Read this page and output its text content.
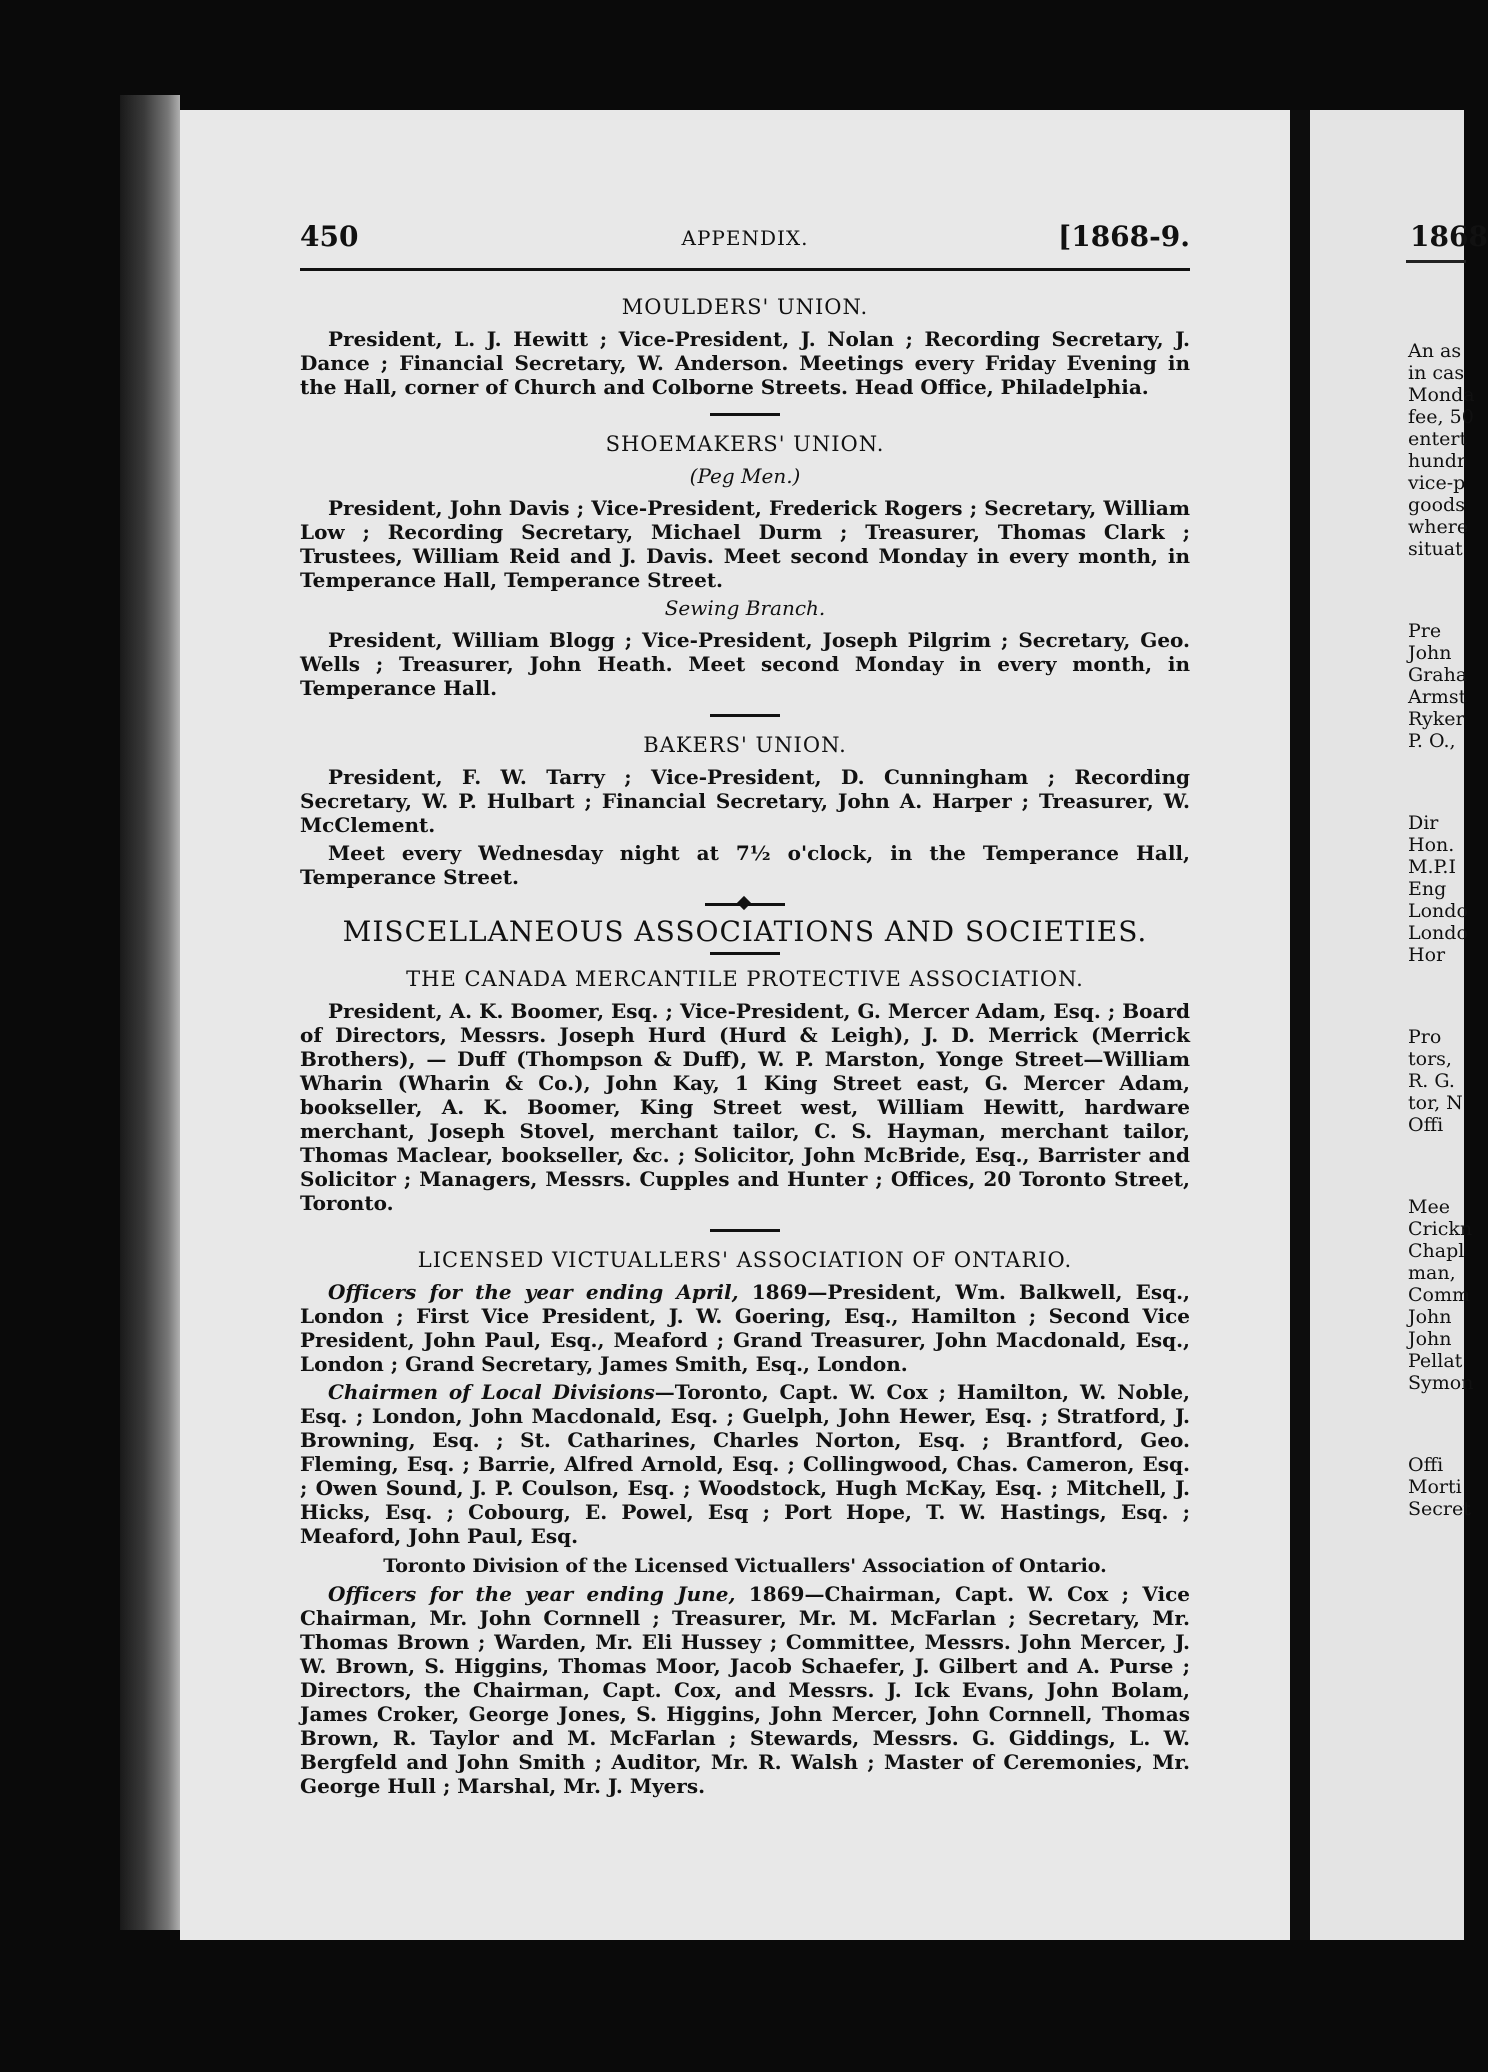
450	APPENDIX.	[1868-9.
MOULDERS' UNION.

President, L. J. Hewitt ; Vice-President, J. Nolan ; Recording Secretary, J. Dance ; Financial Secretary, W. Anderson. Meetings every Friday Evening in the Hall, corner of Church and Colborne Streets. Head Office, Philadelphia.

SHOEMAKERS' UNION.
(Peg Men.)

President, John Davis ; Vice-President, Frederick Rogers ; Secretary, William Low ; Recording Secretary, Michael Durm ; Treasurer, Thomas Clark ; Trustees, William Reid and J. Davis. Meet second Monday in every month, in Temperance Hall, Temperance Street.

Sewing Branch.

President, William Blogg ; Vice-President, Joseph Pilgrim ; Secretary, Geo. Wells ; Treasurer, John Heath. Meet second Monday in every month, in Temperance Hall.

BAKERS' UNION.

President, F. W. Tarry ; Vice-President, D. Cunningham ; Recording Secretary, W. P. Hulbart ; Financial Secretary, John A. Harper ; Treasurer, W. McClement.

Meet every Wednesday night at 7½ o'clock, in the Temperance Hall, Temperance Street.

MISCELLANEOUS ASSOCIATIONS AND SOCIETIES.
THE CANADA MERCANTILE PROTECTIVE ASSOCIATION.

President, A. K. Boomer, Esq. ; Vice-President, G. Mercer Adam, Esq. ; Board of Directors, Messrs. Joseph Hurd (Hurd & Leigh), J. D. Merrick (Merrick Brothers), — Duff (Thompson & Duff), W. P. Marston, Yonge Street—William Wharin (Wharin & Co.), John Kay, 1 King Street east, G. Mercer Adam, bookseller, A. K. Boomer, King Street west, William Hewitt, hardware merchant, Joseph Stovel, merchant tailor, C. S. Hayman, merchant tailor, Thomas Maclear, bookseller, &c. ; Solicitor, John McBride, Esq., Barrister and Solicitor ; Managers, Messrs. Cupples and Hunter ; Offices, 20 Toronto Street, Toronto.

LICENSED VICTUALLERS' ASSOCIATION OF ONTARIO.

Officers for the year ending April, 1869—President, Wm. Balkwell, Esq., London ; First Vice President, J. W. Goering, Esq., Hamilton ; Second Vice President, John Paul, Esq., Meaford ; Grand Treasurer, John Macdonald, Esq., London ; Grand Secretary, James Smith, Esq., London.

Chairmen of Local Divisions—Toronto, Capt. W. Cox ; Hamilton, W. Noble, Esq. ; London, John Macdonald, Esq. ; Guelph, John Hewer, Esq. ; Stratford, J. Browning, Esq. ; St. Catharines, Charles Norton, Esq. ; Brantford, Geo. Fleming, Esq. ; Barrie, Alfred Arnold, Esq. ; Collingwood, Chas. Cameron, Esq. ; Owen Sound, J. P. Coulson, Esq. ; Woodstock, Hugh McKay, Esq. ; Mitchell, J. Hicks, Esq. ; Cobourg, E. Powel, Esq ; Port Hope, T. W. Hastings, Esq. ; Meaford, John Paul, Esq.

Toronto Division of the Licensed Victuallers' Association of Ontario.

Officers for the year ending June, 1869—Chairman, Capt. W. Cox ; Vice Chairman, Mr. John Cornnell ; Treasurer, Mr. M. McFarlan ; Secretary, Mr. Thomas Brown ; Warden, Mr. Eli Hussey ; Committee, Messrs. John Mercer, J. W. Brown, S. Higgins, Thomas Moor, Jacob Schaefer, J. Gilbert and A. Purse ; Directors, the Chairman, Capt. Cox, and Messrs. J. Ick Evans, John Bolam, James Croker, George Jones, S. Higgins, John Mercer, John Cornnell, Thomas Brown, R. Taylor and M. McFarlan ; Stewards, Messrs. G. Giddings, L. W. Bergfeld and John Smith ; Auditor, Mr. R. Walsh ; Master of Ceremonies, Mr. George Hull ; Marshal, Mr. J. Myers.

1868
An as
in cas
Monda
fee, 50
entert
hundr
vice-p
goods
where
situat
Pre
John
Graha
Armst
Ryker
P. O.,
Dir
Hon.
M.P.I
Eng
Londo
Londo
Hor
Pro
tors,
R. G.
tor, N
Offi
Mee
Crickn
Chapl
man,
Comm
John
John
Pellat
Symon
Offi
Morti
Secret
